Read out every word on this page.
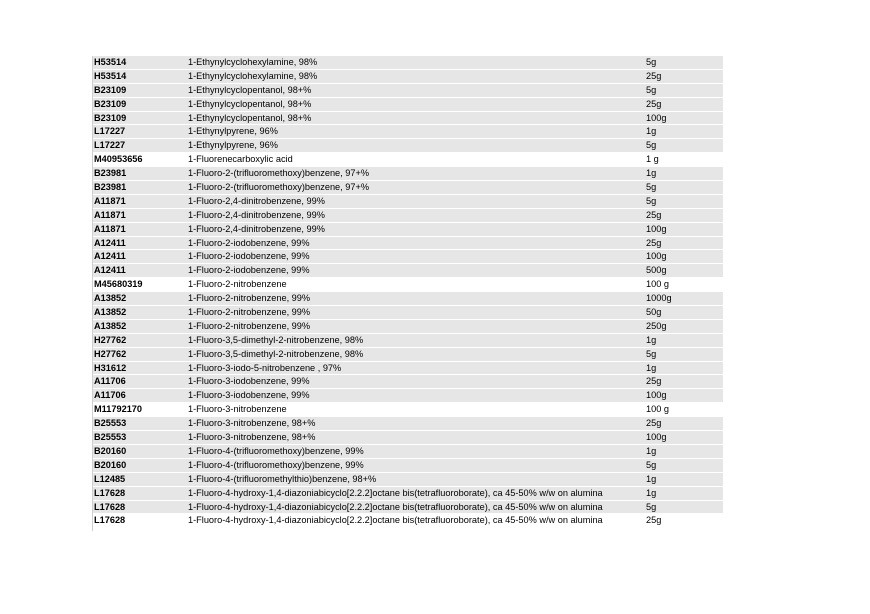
H53514	1-Ethynylcyclohexylamine, 98%	5g
H53514	1-Ethynylcyclohexylamine, 98%	25g
B23109	1-Ethynylcyclopentanol, 98+%	5g
B23109	1-Ethynylcyclopentanol, 98+%	25g
B23109	1-Ethynylcyclopentanol, 98+%	100g
L17227	1-Ethynylpyrene, 96%	1g
L17227	1-Ethynylpyrene, 96%	5g
M40953656	1-Fluorenecarboxylic acid	1 g
B23981	1-Fluoro-2-(trifluoromethoxy)benzene, 97+%	1g
B23981	1-Fluoro-2-(trifluoromethoxy)benzene, 97+%	5g
A11871	1-Fluoro-2,4-dinitrobenzene, 99%	5g
A11871	1-Fluoro-2,4-dinitrobenzene, 99%	25g
A11871	1-Fluoro-2,4-dinitrobenzene, 99%	100g
A12411	1-Fluoro-2-iodobenzene, 99%	25g
A12411	1-Fluoro-2-iodobenzene, 99%	100g
A12411	1-Fluoro-2-iodobenzene, 99%	500g
M45680319	1-Fluoro-2-nitrobenzene	100 g
A13852	1-Fluoro-2-nitrobenzene, 99%	1000g
A13852	1-Fluoro-2-nitrobenzene, 99%	50g
A13852	1-Fluoro-2-nitrobenzene, 99%	250g
H27762	1-Fluoro-3,5-dimethyl-2-nitrobenzene, 98%	1g
H27762	1-Fluoro-3,5-dimethyl-2-nitrobenzene, 98%	5g
H31612	1-Fluoro-3-iodo-5-nitrobenzene , 97%	1g
A11706	1-Fluoro-3-iodobenzene, 99%	25g
A11706	1-Fluoro-3-iodobenzene, 99%	100g
M11792170	1-Fluoro-3-nitrobenzene	100 g
B25553	1-Fluoro-3-nitrobenzene, 98+%	25g
B25553	1-Fluoro-3-nitrobenzene, 98+%	100g
B20160	1-Fluoro-4-(trifluoromethoxy)benzene, 99%	1g
B20160	1-Fluoro-4-(trifluoromethoxy)benzene, 99%	5g
L12485	1-Fluoro-4-(trifluoromethylthio)benzene, 98+%	1g
L17628	1-Fluoro-4-hydroxy-1,4-diazoniabicyclo[2.2.2]octane bis(tetrafluoroborate), ca 45-50% w/w on alumina	1g
L17628	1-Fluoro-4-hydroxy-1,4-diazoniabicyclo[2.2.2]octane bis(tetrafluoroborate), ca 45-50% w/w on alumina	5g
L17628	1-Fluoro-4-hydroxy-1,4-diazoniabicyclo[2.2.2]octane bis(tetrafluoroborate), ca 45-50% w/w on alumina	25g
